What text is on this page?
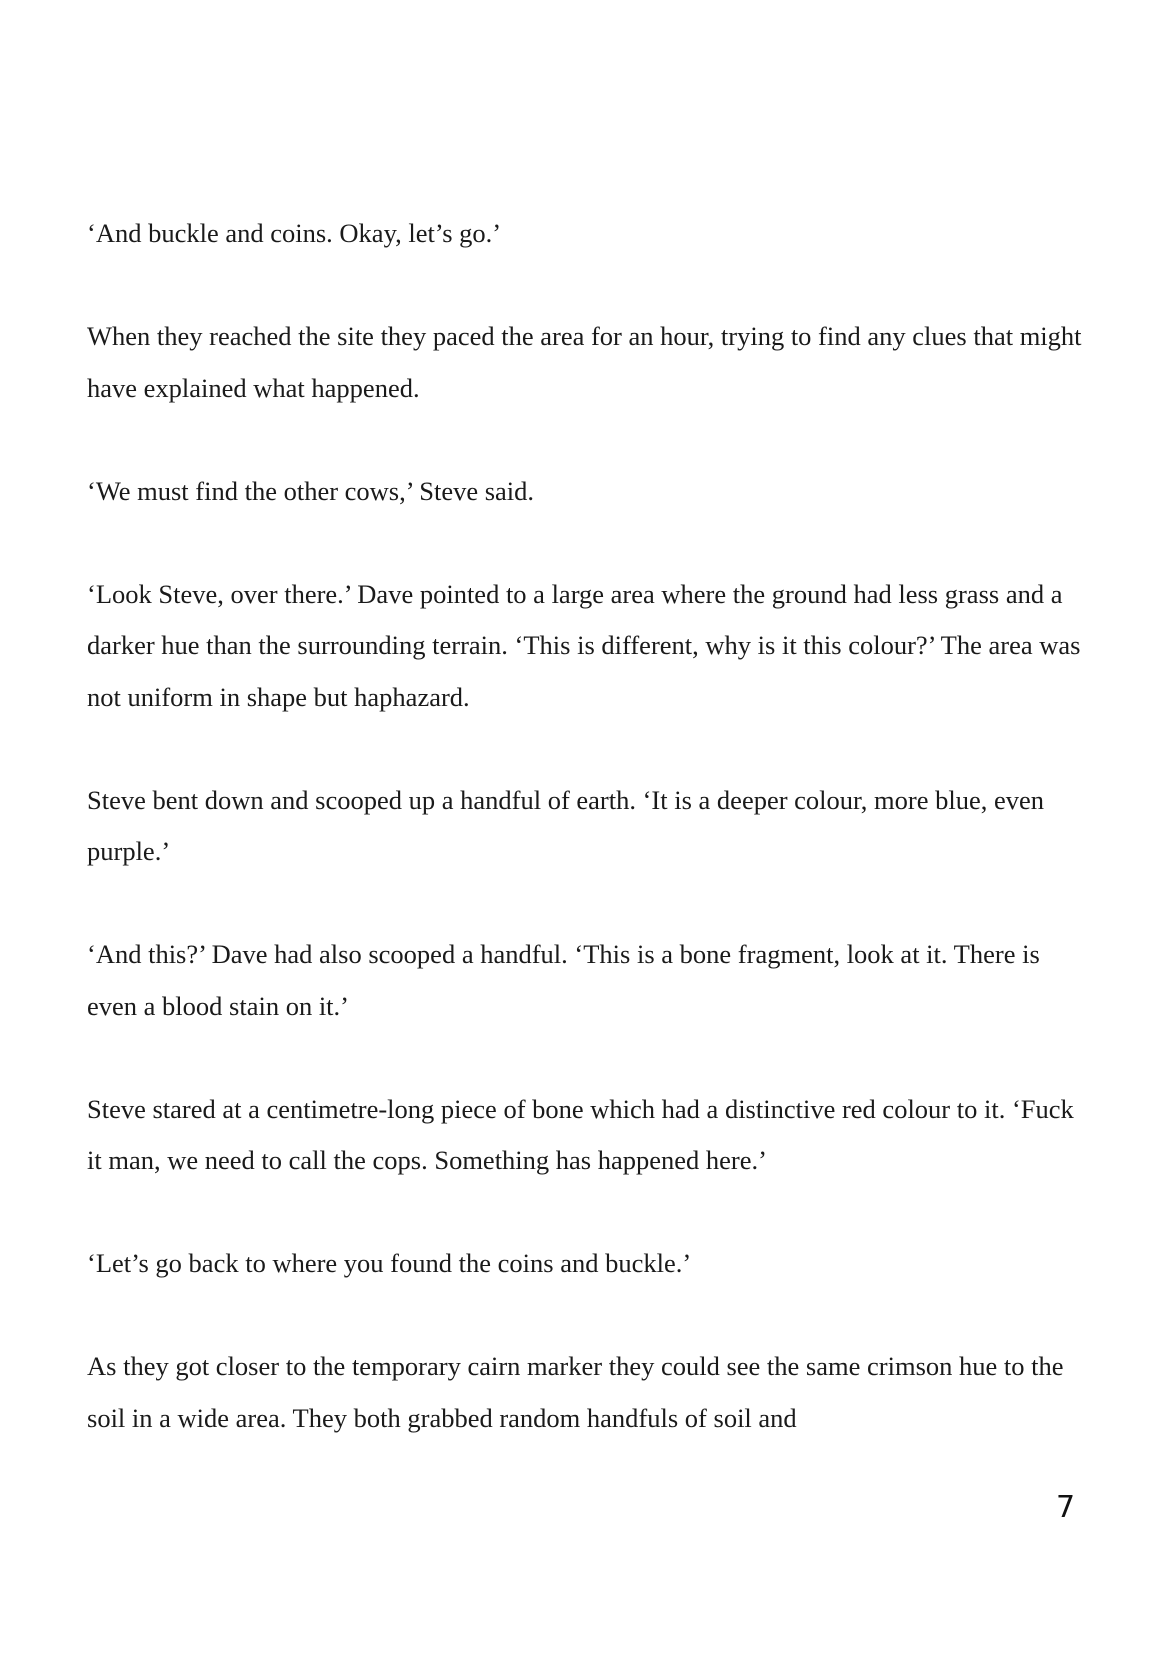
‘And buckle and coins. Okay, let’s go.’

When they reached the site they paced the area for an hour, trying to find any clues that might have explained what happened.

‘We must find the other cows,’ Steve said.

‘Look Steve, over there.’ Dave pointed to a large area where the ground had less grass and a darker hue than the surrounding terrain. ‘This is different, why is it this colour?’ The area was not uniform in shape but haphazard.

Steve bent down and scooped up a handful of earth. ‘It is a deeper colour, more blue, even purple.’

‘And this?’ Dave had also scooped a handful. ‘This is a bone fragment, look at it. There is even a blood stain on it.’

Steve stared at a centimetre-long piece of bone which had a distinctive red colour to it. ‘Fuck it man, we need to call the cops. Something has happened here.’

‘Let’s go back to where you found the coins and buckle.’

As they got closer to the temporary cairn marker they could see the same crimson hue to the soil in a wide area. They both grabbed random handfuls of soil and

7
